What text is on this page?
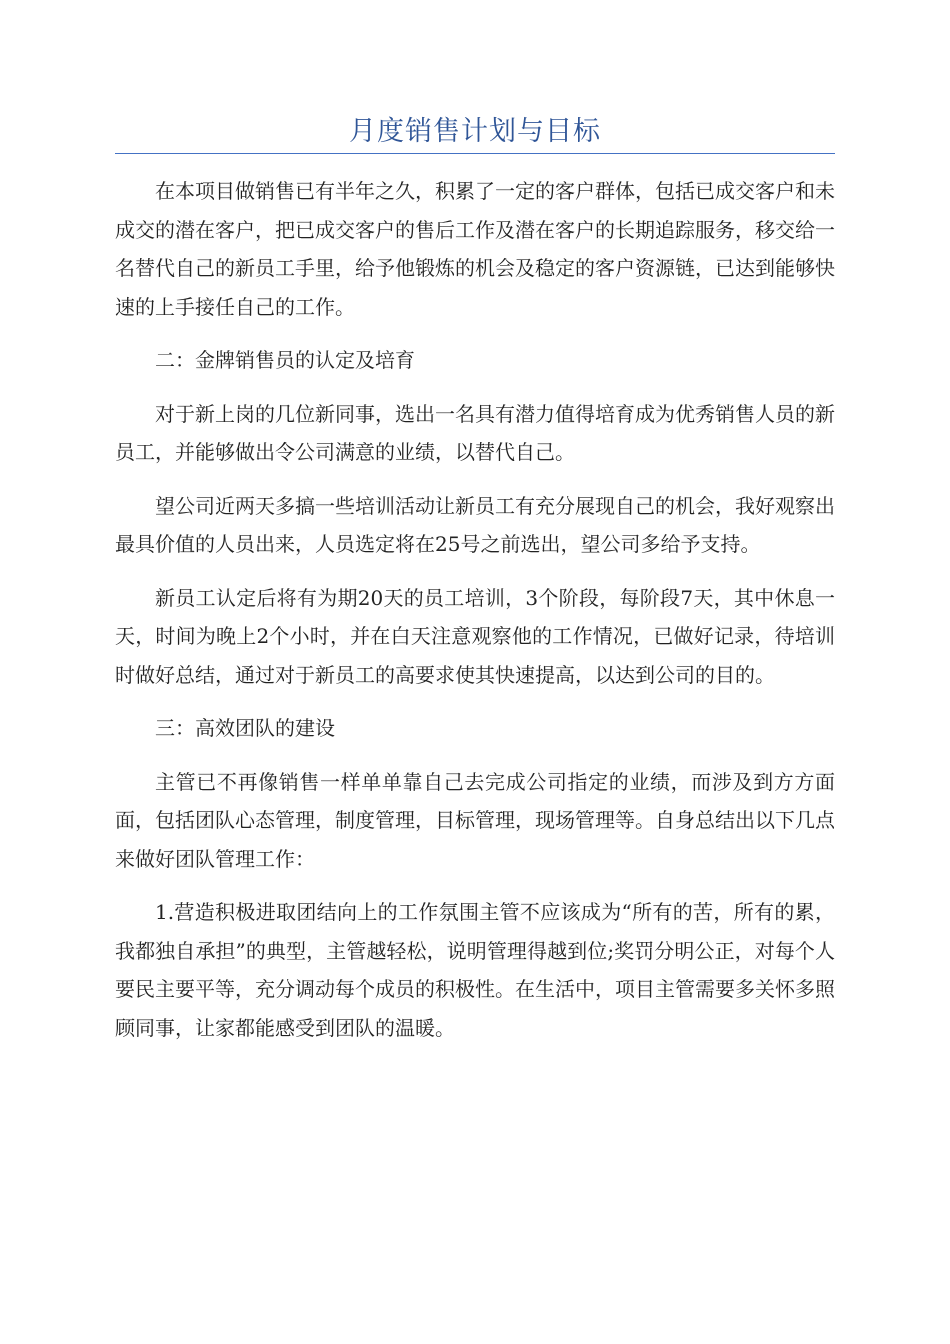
月度销售计划与目标

在本项目做销售已有半年之久，积累了一定的客户群体，包括已成交客户和未成交的潜在客户，把已成交客户的售后工作及潜在客户的长期追踪服务，移交给一名替代自己的新员工手里，给予他锻炼的机会及稳定的客户资源链，已达到能够快速的上手接任自己的工作。

二：金牌销售员的认定及培育

对于新上岗的几位新同事，选出一名具有潜力值得培育成为优秀销售人员的新员工，并能够做出令公司满意的业绩，以替代自己。

望公司近两天多搞一些培训活动让新员工有充分展现自己的机会，我好观察出最具价值的人员出来，人员选定将在25号之前选出，望公司多给予支持。

新员工认定后将有为期20天的员工培训，3个阶段，每阶段7天，其中休息一天，时间为晚上2个小时，并在白天注意观察他的工作情况，已做好记录，待培训时做好总结，通过对于新员工的高要求使其快速提高，以达到公司的目的。

三：高效团队的建设

主管已不再像销售一样单单靠自己去完成公司指定的业绩，而涉及到方方面面，包括团队心态管理，制度管理，目标管理，现场管理等。自身总结出以下几点来做好团队管理工作：

1.营造积极进取团结向上的工作氛围主管不应该成为“所有的苦，所有的累，我都独自承担”的典型，主管越轻松，说明管理得越到位;奖罚分明公正，对每个人要民主要平等，充分调动每个成员的积极性。在生活中，项目主管需要多关怀多照顾同事，让家都能感受到团队的温暖。
